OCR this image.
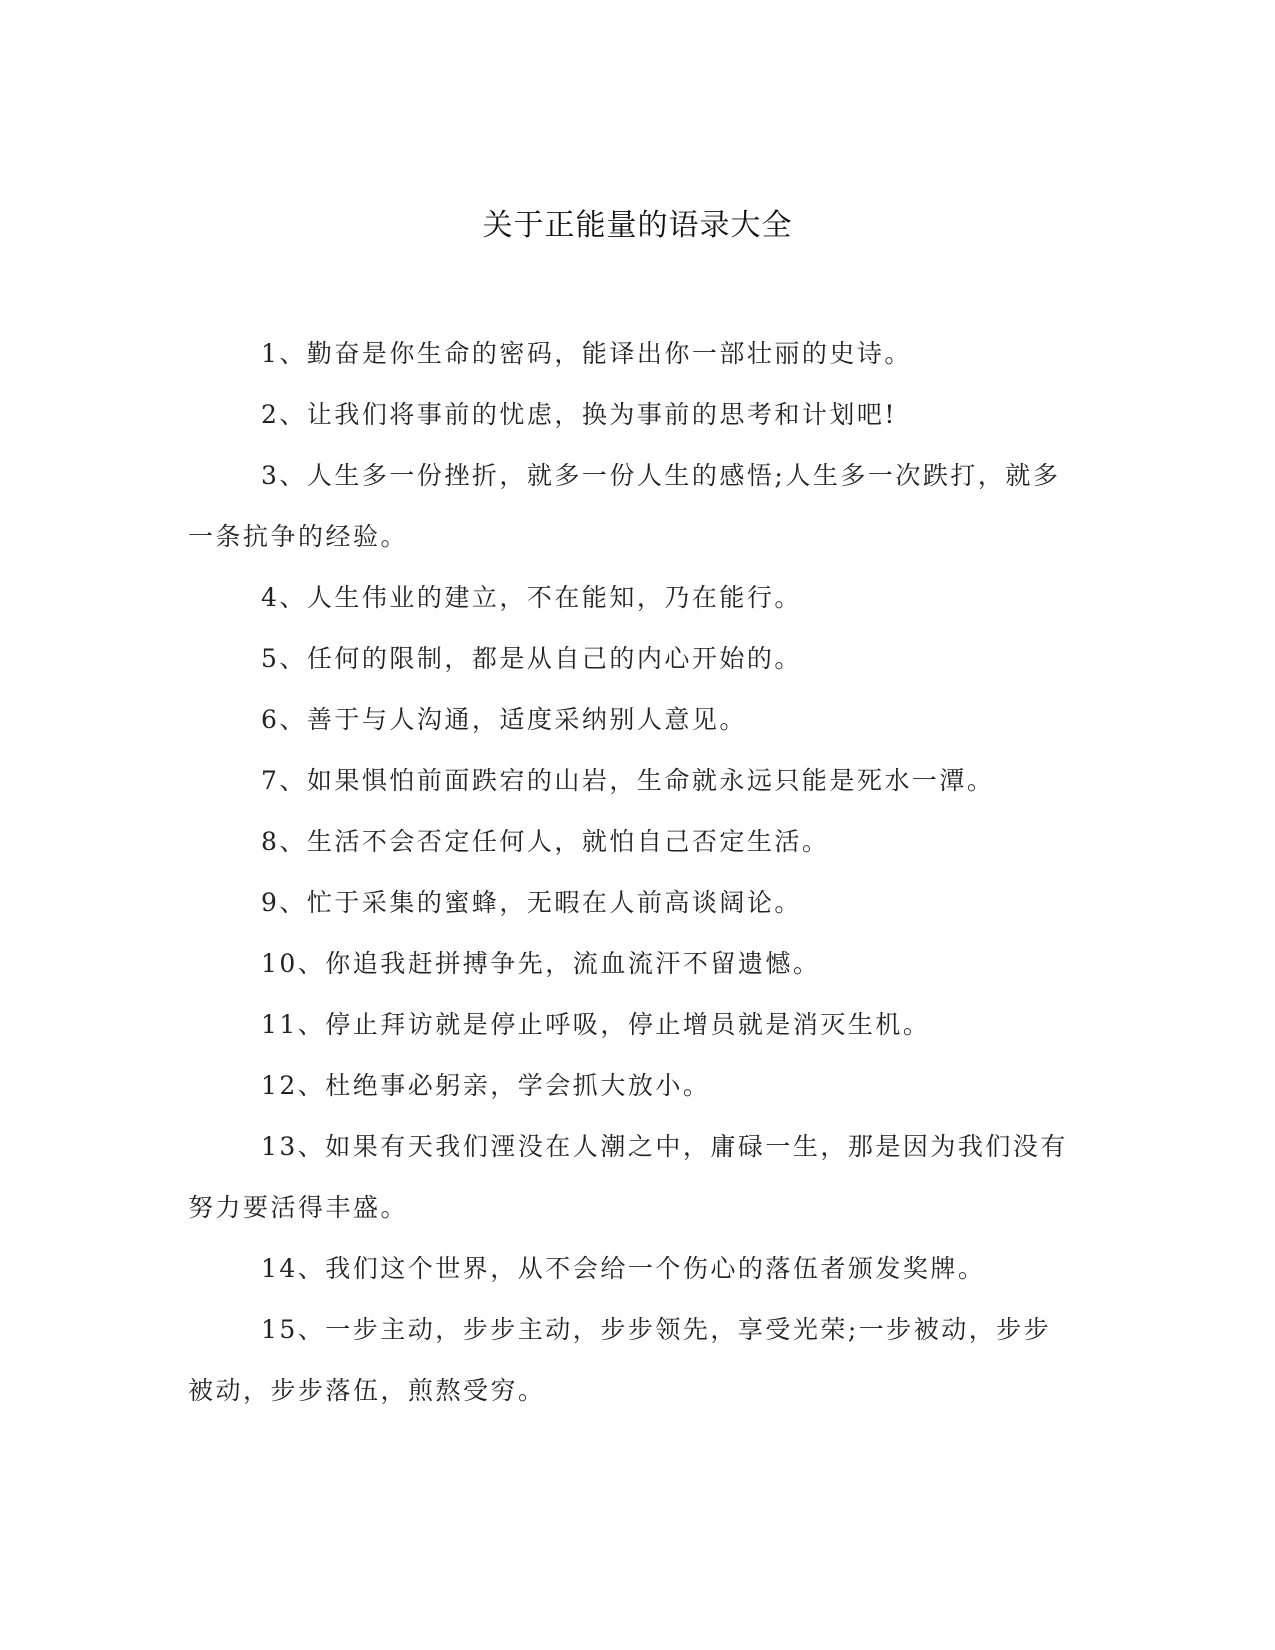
关于正能量的语录大全

1、勤奋是你生命的密码，能译出你一部壮丽的史诗。

2、让我们将事前的忧虑，换为事前的思考和计划吧!

3、人生多一份挫折，就多一份人生的感悟;人生多一次跌打，就多一条抗争的经验。

4、人生伟业的建立，不在能知，乃在能行。

5、任何的限制，都是从自己的内心开始的。

6、善于与人沟通，适度采纳别人意见。

7、如果惧怕前面跌宕的山岩，生命就永远只能是死水一潭。

8、生活不会否定任何人，就怕自己否定生活。

9、忙于采集的蜜蜂，无暇在人前高谈阔论。

10、你追我赶拼搏争先，流血流汗不留遗憾。

11、停止拜访就是停止呼吸，停止增员就是消灭生机。

12、杜绝事必躬亲，学会抓大放小。

13、如果有天我们湮没在人潮之中，庸碌一生，那是因为我们没有努力要活得丰盛。

14、我们这个世界，从不会给一个伤心的落伍者颁发奖牌。

15、一步主动，步步主动，步步领先，享受光荣;一步被动，步步被动，步步落伍，煎熬受穷。
